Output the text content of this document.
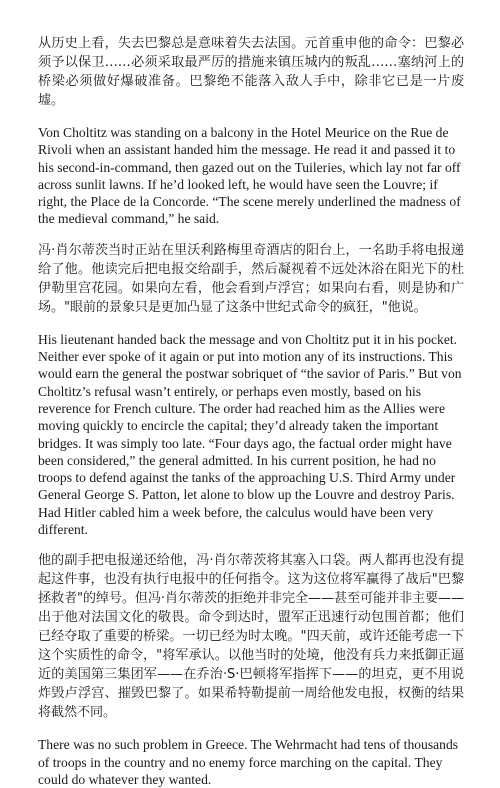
从历史上看，失去巴黎总是意味着失去法国。元首重申他的命令：巴黎必须予以保卫……必须采取最严厉的措施来镇压城内的叛乱……塞纳河上的桥梁必须做好爆破准备。巴黎绝不能落入敌人手中，除非它已是一片废墟。

Von Choltitz was standing on a balcony in the Hotel Meurice on the Rue de Rivoli when an assistant handed him the message. He read it and passed it to his second-in-command, then gazed out on the Tuileries, which lay not far off across sunlit lawns. If he’d looked left, he would have seen the Louvre; if right, the Place de la Concorde. “The scene merely underlined the madness of the medieval command,” he said.

冯·肖尔蒂茨当时正站在里沃利路梅里奇酒店的阳台上，一名助手将电报递给了他。他读完后把电报交给副手，然后凝视着不远处沐浴在阳光下的杜伊勒里宫花园。如果向左看，他会看到卢浮宫；如果向右看，则是协和广场。"眼前的景象只是更加凸显了这条中世纪式命令的疯狂，"他说。

His lieutenant handed back the message and von Choltitz put it in his pocket. Neither ever spoke of it again or put into motion any of its instructions. This would earn the general the postwar sobriquet of “the savior of Paris.” But von Choltitz’s refusal wasn’t entirely, or perhaps even mostly, based on his reverence for French culture. The order had reached him as the Allies were moving quickly to encircle the capital; they’d already taken the important bridges. It was simply too late. “Four days ago, the factual order might have been considered,” the general admitted. In his current position, he had no troops to defend against the tanks of the approaching U.S. Third Army under General George S. Patton, let alone to blow up the Louvre and destroy Paris. Had Hitler cabled him a week before, the calculus would have been very different.

他的副手把电报递还给他，冯·肖尔蒂茨将其塞入口袋。两人都再也没有提起这件事，也没有执行电报中的任何指令。这为这位将军赢得了战后"巴黎拯救者"的绰号。但冯·肖尔蒂茨的拒绝并非完全——甚至可能并非主要——出于他对法国文化的敬畏。命令到达时，盟军正迅速行动包围首都；他们已经夺取了重要的桥梁。一切已经为时太晚。"四天前，或许还能考虑一下这个实质性的命令，"将军承认。以他当时的处境，他没有兵力来抵御正逼近的美国第三集团军——在乔治·S·巴顿将军指挥下——的坦克，更不用说炸毁卢浮宫、摧毁巴黎了。如果希特勒提前一周给他发电报，权衡的结果将截然不同。

There was no such problem in Greece. The Wehrmacht had tens of thousands of troops in the country and no enemy force marching on the capital. They could do whatever they wanted.
